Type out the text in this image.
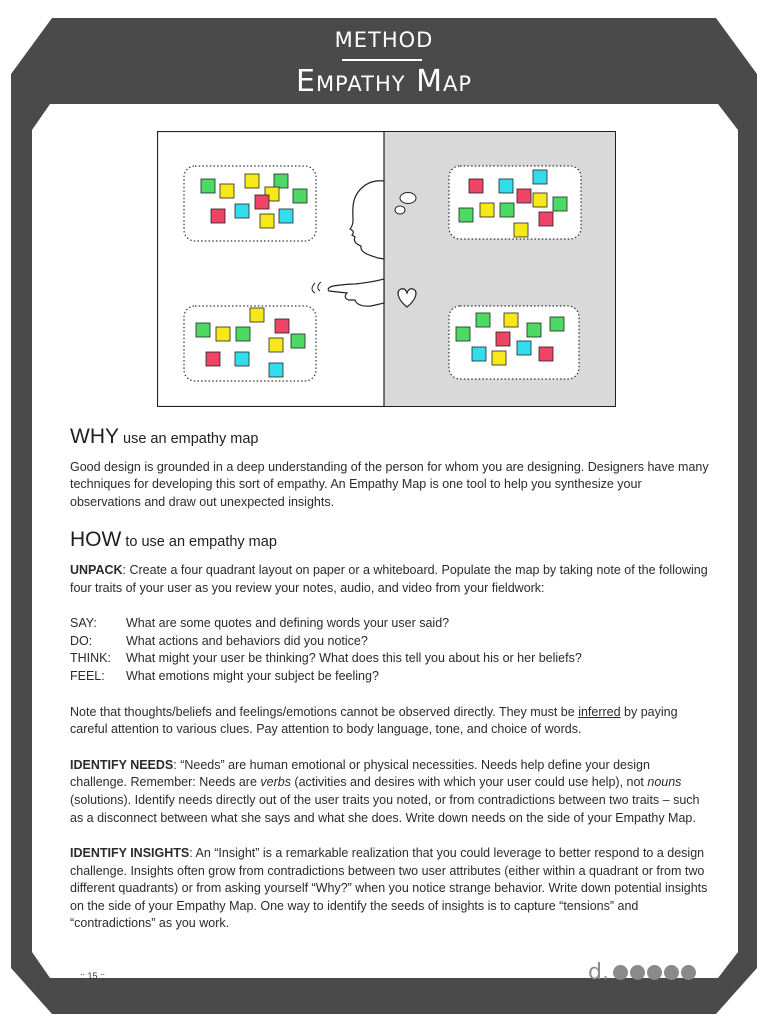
METHOD
Empathy Map
WHY use an empathy map

Good design is grounded in a deep understanding of the person for whom you are designing. Designers have many techniques for developing this sort of empathy. An Empathy Map is one tool to help you synthesize your observations and draw out unexpected insights.

HOW to use an empathy map

UNPACK: Create a four quadrant layout on paper or a whiteboard. Populate the map by taking note of the following four traits of your user as you review your notes, audio, and video from your fieldwork:

SAY:	What are some quotes and defining words your user said?
DO:	What actions and behaviors did you notice?
THINK:	What might your user be thinking? What does this tell you about his or her beliefs?
FEEL:	What emotions might your subject be feeling?

Note that thoughts/beliefs and feelings/emotions cannot be observed directly. They must be inferred by paying careful attention to various clues. Pay attention to body language, tone, and choice of words.

IDENTIFY NEEDS: “Needs” are human emotional or physical necessities. Needs help define your design challenge. Remember: Needs are verbs (activities and desires with which your user could use help), not nouns (solutions). Identify needs directly out of the user traits you noted, or from contradictions between two traits – such as a disconnect between what she says and what she does. Write down needs on the side of your Empathy Map.

IDENTIFY INSIGHTS: An “Insight” is a remarkable realization that you could leverage to better respond to a design challenge. Insights often grow from contradictions between two user attributes (either within a quadrant or from two different quadrants) or from asking yourself “Why?” when you notice strange behavior. Write down potential insights on the side of your Empathy Map. One way to identify the seeds of insights is to capture “tensions” and “contradictions” as you work.

:: 15 ::	d.
